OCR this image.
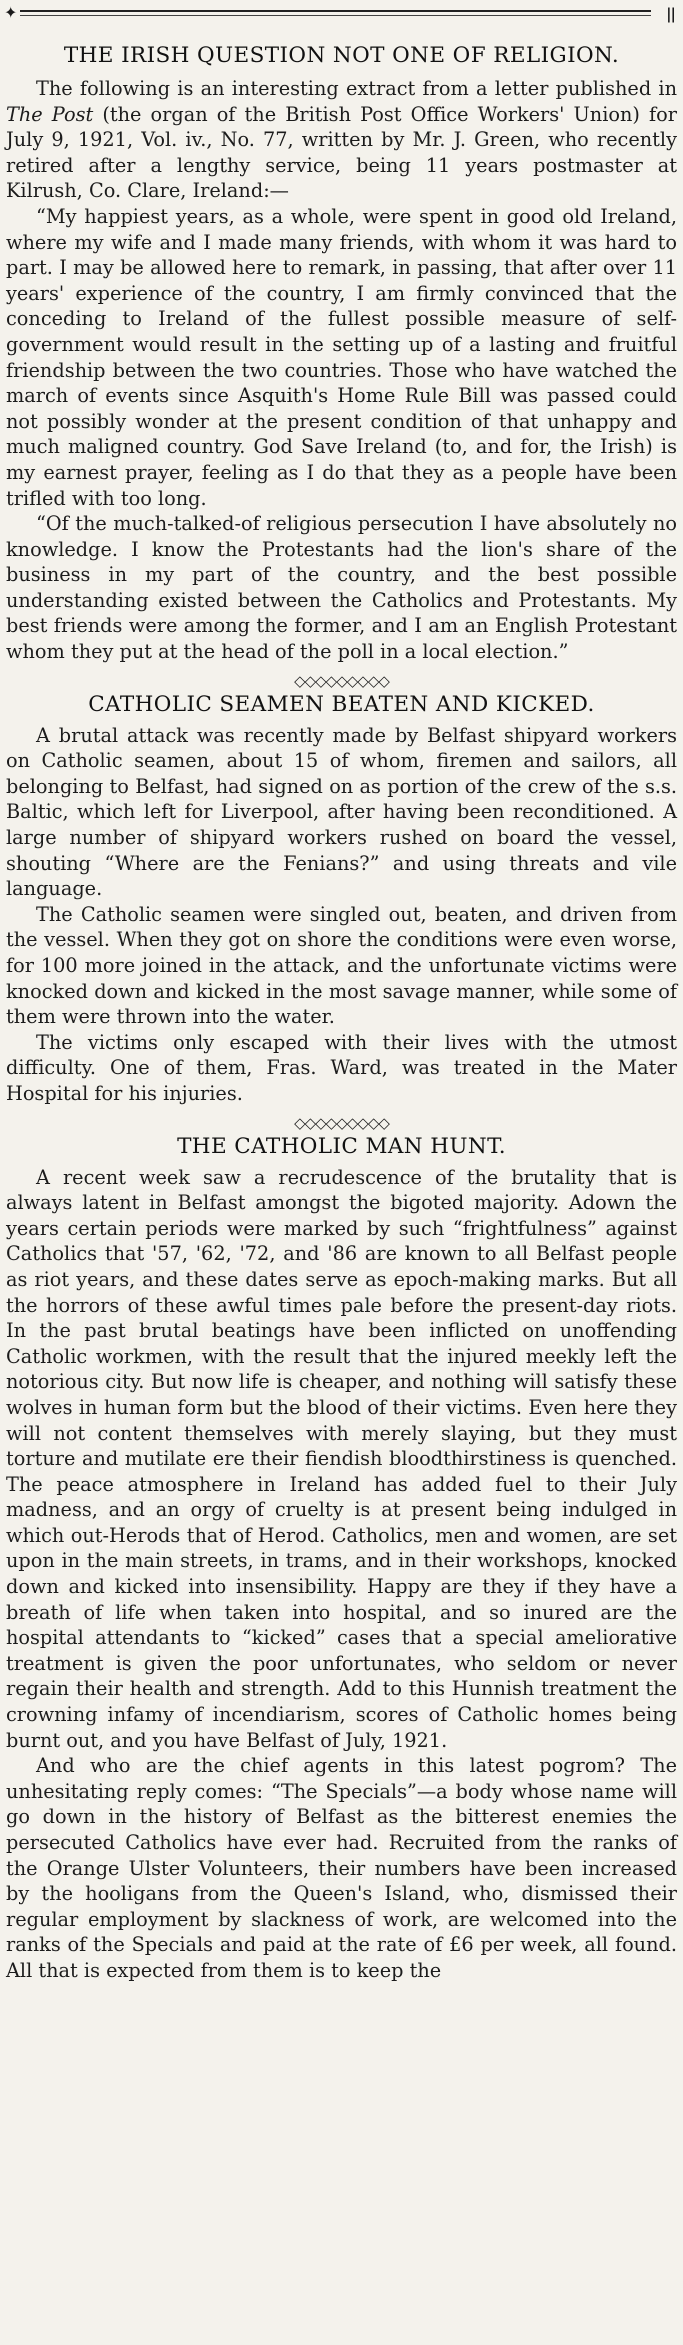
✦	||
THE IRISH QUESTION NOT ONE OF RELIGION.

The following is an interesting extract from a letter published in The Post (the organ of the British Post Office Workers' Union) for July 9, 1921, Vol. iv., No. 77, written by Mr. J. Green, who recently retired after a lengthy service, being 11 years postmaster at Kilrush, Co. Clare, Ireland:—

“My happiest years, as a whole, were spent in good old Ireland, where my wife and I made many friends, with whom it was hard to part. I may be allowed here to remark, in passing, that after over 11 years' experience of the country, I am firmly convinced that the conceding to Ireland of the fullest possible measure of self-government would result in the setting up of a lasting and fruitful friendship between the two countries. Those who have watched the march of events since Asquith's Home Rule Bill was passed could not possibly wonder at the present condition of that unhappy and much maligned country. God Save Ireland (to, and for, the Irish) is my earnest prayer, feeling as I do that they as a people have been trifled with too long.

“Of the much-talked-of religious persecution I have absolutely no knowledge. I know the Protestants had the lion's share of the business in my part of the country, and the best possible understanding existed between the Catholics and Protestants. My best friends were among the former, and I am an English Protestant whom they put at the head of the poll in a local election.”

◇◇◇◇◇◇◇◇◇
CATHOLIC SEAMEN BEATEN AND KICKED.

A brutal attack was recently made by Belfast shipyard workers on Catholic seamen, about 15 of whom, firemen and sailors, all belonging to Belfast, had signed on as portion of the crew of the s.s. Baltic, which left for Liverpool, after having been reconditioned. A large number of shipyard workers rushed on board the vessel, shouting “Where are the Fenians?” and using threats and vile language.

The Catholic seamen were singled out, beaten, and driven from the vessel. When they got on shore the conditions were even worse, for 100 more joined in the attack, and the unfortunate victims were knocked down and kicked in the most savage manner, while some of them were thrown into the water.

The victims only escaped with their lives with the utmost difficulty. One of them, Fras. Ward, was treated in the Mater Hospital for his injuries.

◇◇◇◇◇◇◇◇◇
THE CATHOLIC MAN HUNT.

A recent week saw a recrudescence of the brutality that is always latent in Belfast amongst the bigoted majority. Adown the years certain periods were marked by such “frightfulness” against Catholics that '57, '62, '72, and '86 are known to all Belfast people as riot years, and these dates serve as epoch-making marks. But all the horrors of these awful times pale before the present-day riots. In the past brutal beatings have been inflicted on unoffending Catholic workmen, with the result that the injured meekly left the notorious city. But now life is cheaper, and nothing will satisfy these wolves in human form but the blood of their victims. Even here they will not content themselves with merely slaying, but they must torture and mutilate ere their fiendish bloodthirstiness is quenched. The peace atmosphere in Ireland has added fuel to their July madness, and an orgy of cruelty is at present being indulged in which out-Herods that of Herod. Catholics, men and women, are set upon in the main streets, in trams, and in their workshops, knocked down and kicked into insensibility. Happy are they if they have a breath of life when taken into hospital, and so inured are the hospital attendants to “kicked” cases that a special ameliorative treatment is given the poor unfortunates, who seldom or never regain their health and strength. Add to this Hunnish treatment the crowning infamy of incendiarism, scores of Catholic homes being burnt out, and you have Belfast of July, 1921.

And who are the chief agents in this latest pogrom? The unhesitating reply comes: “The Specials”—a body whose name will go down in the history of Belfast as the bitterest enemies the persecuted Catholics have ever had. Recruited from the ranks of the Orange Ulster Volunteers, their numbers have been increased by the hooligans from the Queen's Island, who, dismissed their regular employment by slackness of work, are welcomed into the ranks of the Specials and paid at the rate of £6 per week, all found. All that is expected from them is to keep the
